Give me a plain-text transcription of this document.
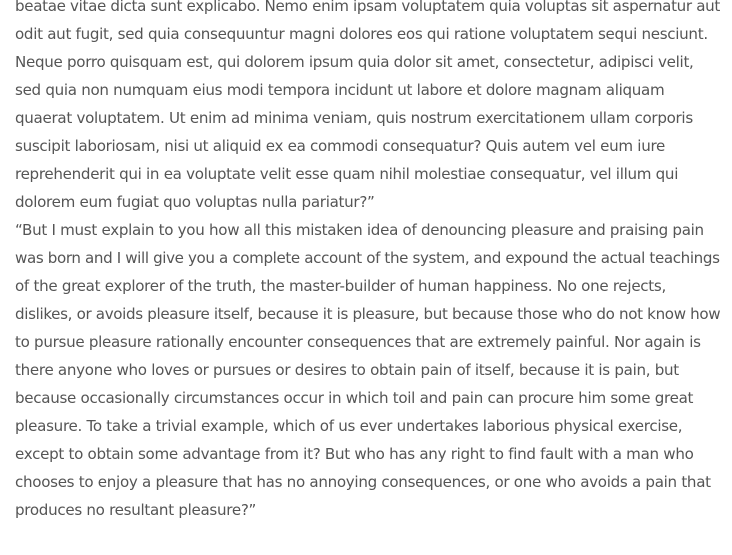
beatae vitae dicta sunt explicabo. Nemo enim ipsam voluptatem quia voluptas sit aspernatur aut
odit aut fugit, sed quia consequuntur magni dolores eos qui ratione voluptatem sequi nesciunt.
Neque porro quisquam est, qui dolorem ipsum quia dolor sit amet, consectetur, adipisci velit,
sed quia non numquam eius modi tempora incidunt ut labore et dolore magnam aliquam
quaerat voluptatem. Ut enim ad minima veniam, quis nostrum exercitationem ullam corporis
suscipit laboriosam, nisi ut aliquid ex ea commodi consequatur? Quis autem vel eum iure
reprehenderit qui in ea voluptate velit esse quam nihil molestiae consequatur, vel illum qui
dolorem eum fugiat quo voluptas nulla pariatur?”

“But I must explain to you how all this mistaken idea of denouncing pleasure and praising pain
was born and I will give you a complete account of the system, and expound the actual teachings
of the great explorer of the truth, the master-builder of human happiness. No one rejects,
dislikes, or avoids pleasure itself, because it is pleasure, but because those who do not know how
to pursue pleasure rationally encounter consequences that are extremely painful. Nor again is
there anyone who loves or pursues or desires to obtain pain of itself, because it is pain, but
because occasionally circumstances occur in which toil and pain can procure him some great
pleasure. To take a trivial example, which of us ever undertakes laborious physical exercise,
except to obtain some advantage from it? But who has any right to find fault with a man who
chooses to enjoy a pleasure that has no annoying consequences, or one who avoids a pain that
produces no resultant pleasure?”
